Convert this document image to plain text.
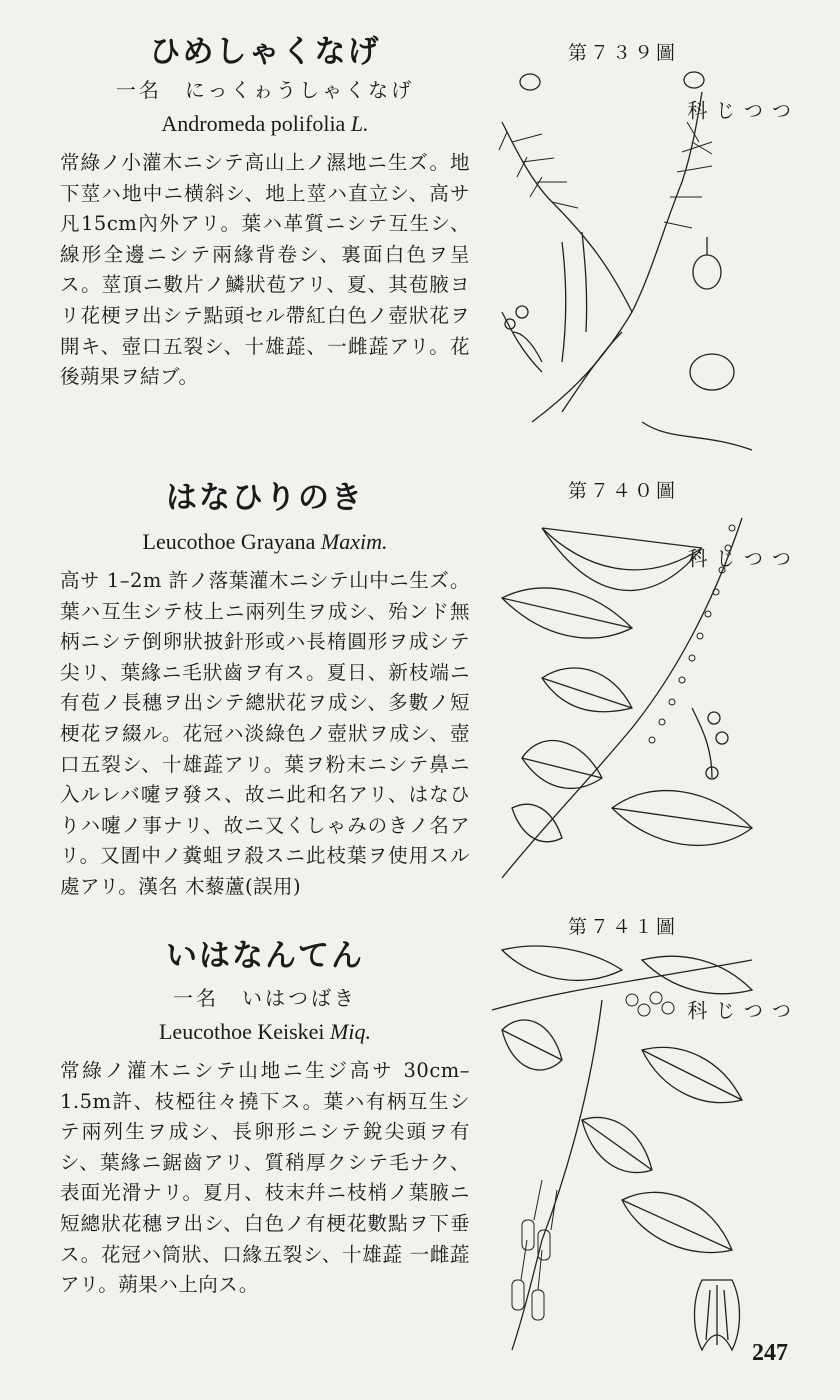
ひめしゃくなげ

一名　にっくゎうしゃくなげ

Andromeda polifolia L.

常綠ノ小灌木ニシテ高山上ノ濕地ニ生ズ。地下莖ハ地中ニ横斜シ、地上莖ハ直立シ、高サ凡15cm內外アリ。葉ハ革質ニシテ互生シ、線形全邊ニシテ兩緣背卷シ、裏面白色ヲ呈ス。莖頂ニ數片ノ鱗狀苞アリ、夏、其苞腋ヨリ花梗ヲ出シテ點頭セル帶紅白色ノ壺狀花ヲ開キ、壺口五裂シ、十雄蕋、一雌蕋アリ。花後蒴果ヲ結ブ。

第７３９圖
つつじ科
はなひりのき

Leucothoe Grayana Maxim.

高サ 1–2m 許ノ落葉灌木ニシテ山中ニ生ズ。葉ハ互生シテ枝上ニ兩列生ヲ成シ、殆ンド無柄ニシテ倒卵狀披針形或ハ長楕圓形ヲ成シテ尖リ、葉緣ニ毛狀齒ヲ有ス。夏日、新枝端ニ有苞ノ長穗ヲ出シテ總狀花ヲ成シ、多數ノ短梗花ヲ綴ル。花冠ハ淡綠色ノ壺狀ヲ成シ、壺口五裂シ、十雄蕋アリ。葉ヲ粉末ニシテ鼻ニ入ルレバ嚔ヲ發ス、故ニ此和名アリ、はなひりハ嚔ノ事ナリ、故ニ又くしゃみのきノ名アリ。又圊中ノ糞蛆ヲ殺スニ此枝葉ヲ使用スル處アリ。漢名 木藜蘆(誤用)

第７４０圖
つつじ科
いはなんてん

一名　いはつばき

Leucothoe Keiskei Miq.

常綠ノ灌木ニシテ山地ニ生ジ高サ 30cm–1.5m許、枝椏往々撓下ス。葉ハ有柄互生シテ兩列生ヲ成シ、長卵形ニシテ銳尖頭ヲ有シ、葉緣ニ鋸齒アリ、質稍厚クシテ毛ナク、表面光滑ナリ。夏月、枝末幷ニ枝梢ノ葉腋ニ短總狀花穗ヲ出シ、白色ノ有梗花數點ヲ下垂ス。花冠ハ筒狀、口緣五裂シ、十雄蕋 一雌蕋アリ。蒴果ハ上向ス。

第７４１圖
つつじ科
247
